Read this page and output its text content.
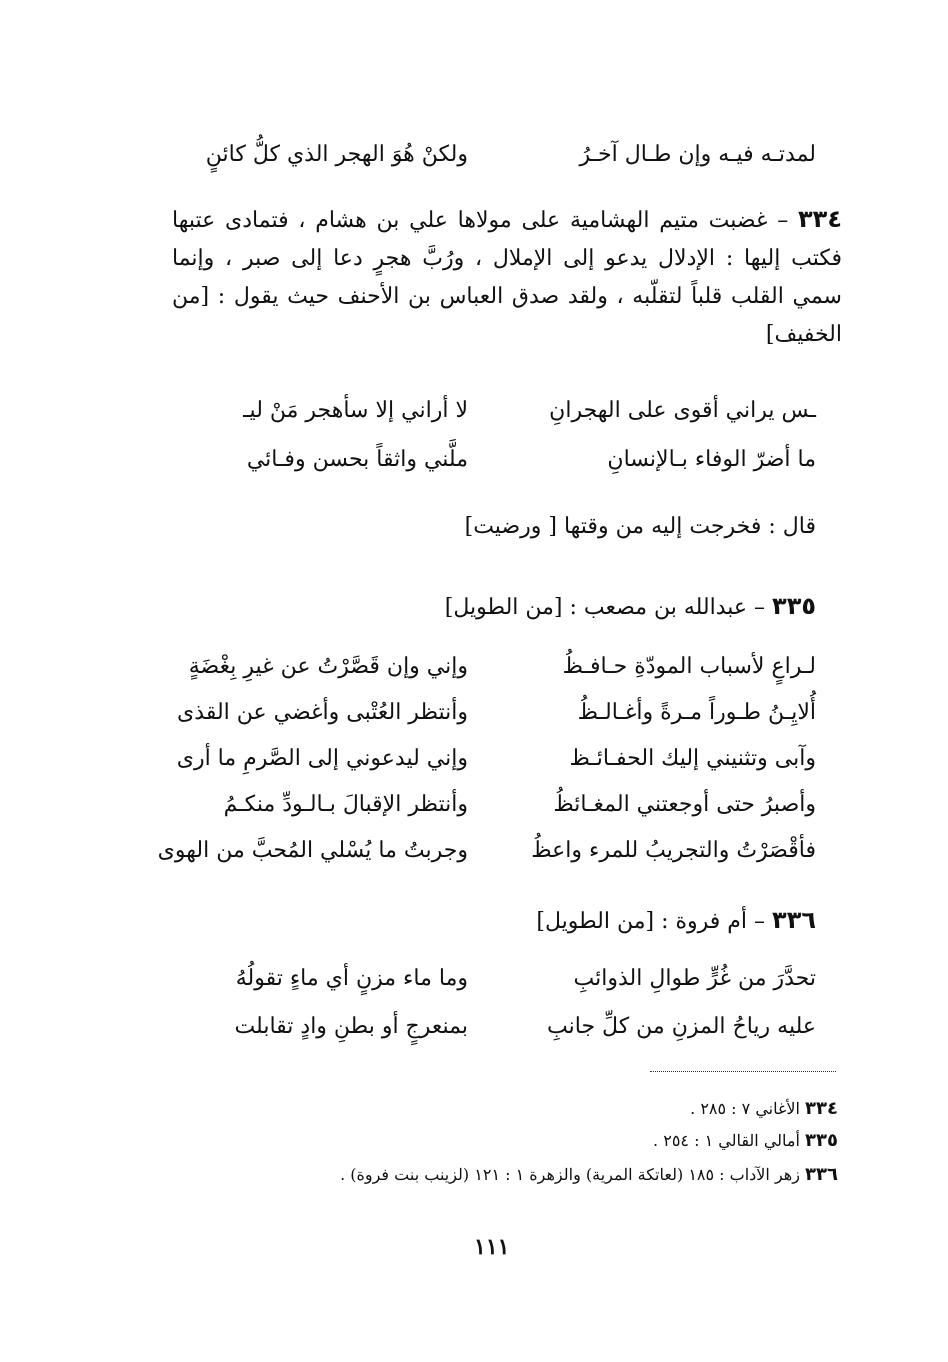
ولكنْ هُوَ الهجر الذي كلُّ كائنٍ	لمدتـه فيـه وإن طـال آخـرُ
٣٣٤ – غضبت متيم الهشامية على مولاها علي بن هشام ، فتمادى عتبها فكتب إليها : الإدلال يدعو إلى الإملال ، ورُبَّ هجرٍ دعا إلى صبر ، وإنما سمي القلب قلباً لتقلّبه ، ولقد صدق العباس بن الأحنف حيث يقول : [من الخفيف]
لا أراني إلا سأهجر مَنْ ليـ	ـس يراني أقوى على الهجرانِ
ملَّني واثقاً بحسن وفـائي	ما أضرّ الوفاء بـالإنسانِ
قال : فخرجت إليه من وقتها [ ورضيت]
٣٣٥ – عبدالله بن مصعب : [من الطويل]
وإني وإن قَصَّرْتُ عن غيرِ بِغْضَةٍ	لـراعٍ لأسباب المودّةِ حـافـظُ
وأنتظر العُتْبى وأغضي عن القذى	أُلايِـنُ طـوراً مـرةً وأغـالـظُ
وإني ليدعوني إلى الصَّرمِ ما أرى	وآبى وتثنيني إليك الحفـائـظ
وأنتظر الإقبالَ بـالـودِّ منكـمُ	وأصبرُ حتى أوجعتني المغـائظُ
وجربتُ ما يُسْلي المُحبَّ من الهوى	فأقْصَرْتُ والتجريبُ للمرء واعظُ
٣٣٦ – أم فروة : [من الطويل]
وما ماء مزنٍ أي ماءٍ تقولُهُ	تحدَّرَ من غُرٍّ طوالِ الذوائبِ
بمنعرجٍ أو بطنِ وادٍ تقابلت	عليه رياحُ المزنِ من كلِّ جانبِ
٣٣٤ الأغاني ٧ : ٢٨٥ .
٣٣٥ أمالي القالي ١ : ٢٥٤ .
٣٣٦ زهر الآداب : ١٨٥ (لعاتكة المرية) والزهرة ١ : ١٢١ (لزينب بنت فروة) .
١١١
